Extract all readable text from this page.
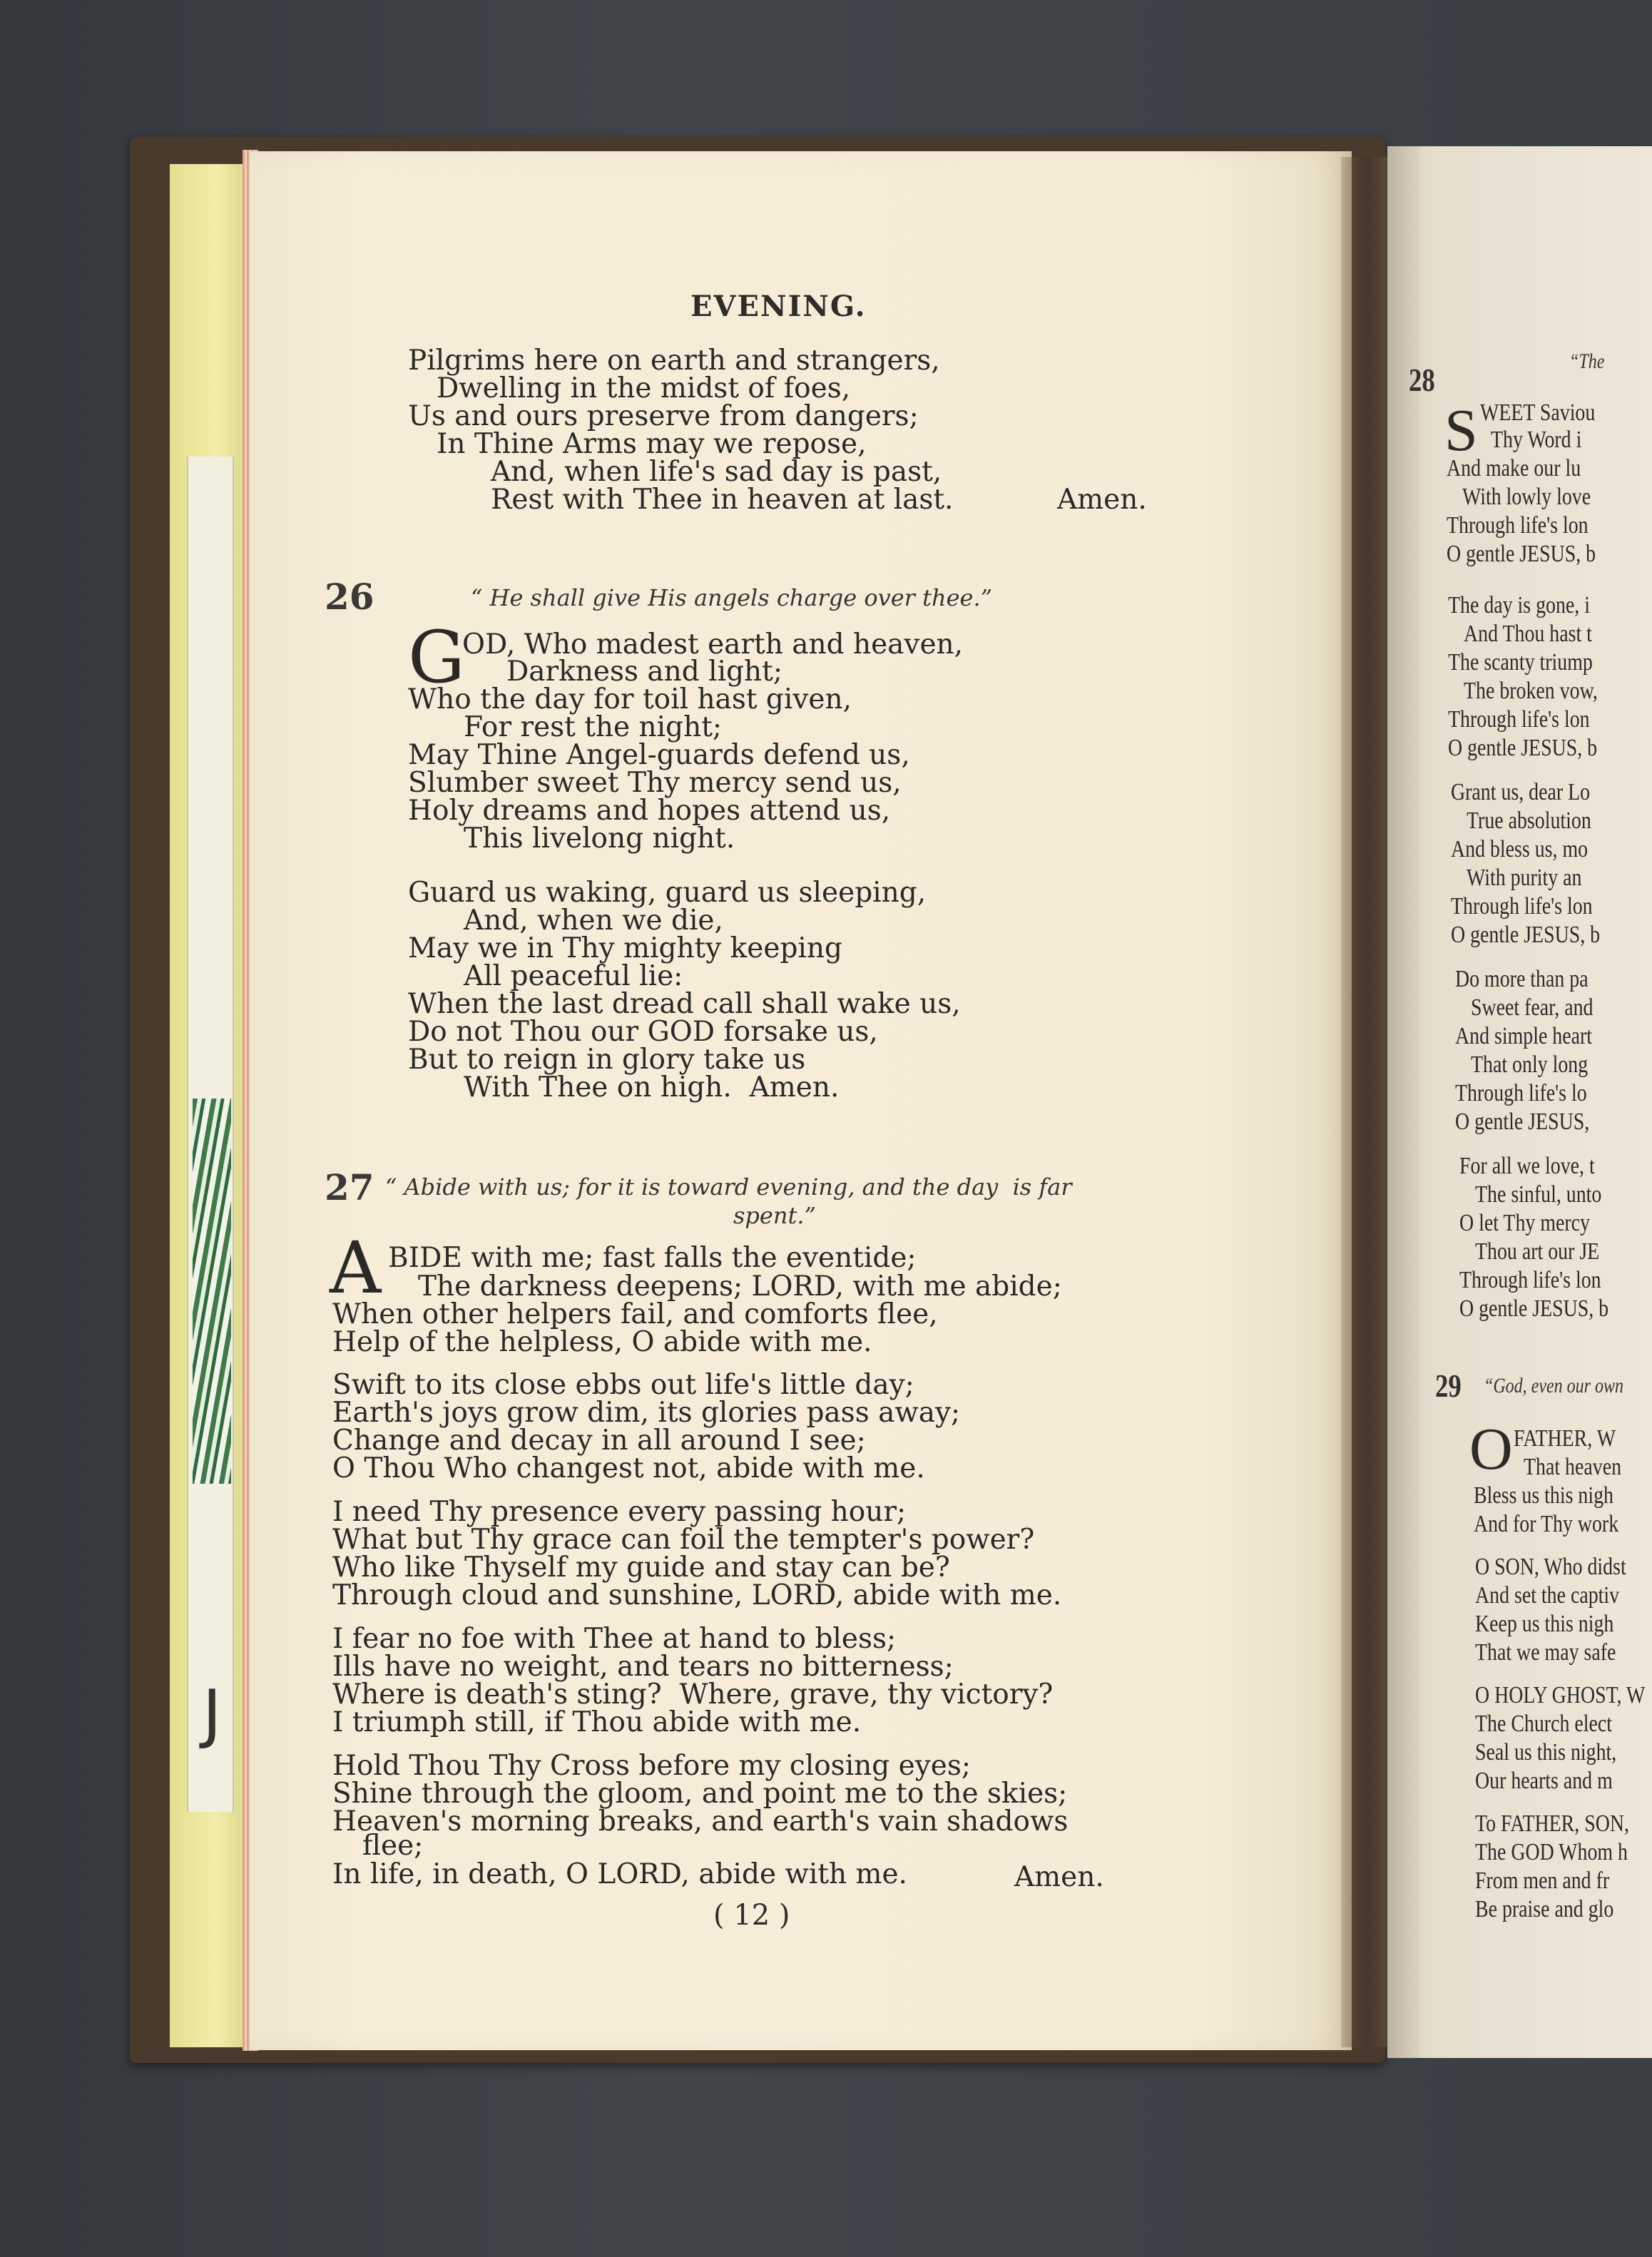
J
EVENING.
Pilgrims here on earth and strangers,
Dwelling in the midst of foes,
Us and ours preserve from dangers;
In Thine Arms may we repose,
And, when life's sad day is past,
Rest with Thee in heaven at last.	Amen.
26	“ He shall give His angels charge over thee.”
G
OD, Who madest earth and heaven,
Darkness and light;
Who the day for toil hast given,
For rest the night;
May Thine Angel-guards defend us,
Slumber sweet Thy mercy send us,
Holy dreams and hopes attend us,
This livelong night.
Guard us waking, guard us sleeping,
And, when we die,
May we in Thy mighty keeping
All peaceful lie:
When the last dread call shall wake us,
Do not Thou our GOD forsake us,
But to reign in glory take us
With Thee on high.  Amen.
27 “ Abide with us; for it is toward evening, and the day  is far
spent.”
A BIDE with me; fast falls the eventide;
The darkness deepens; LORD, with me abide;
When other helpers fail, and comforts flee,
Help of the helpless, O abide with me.
Swift to its close ebbs out life's little day;
Earth's joys grow dim, its glories pass away;
Change and decay in all around I see;
O Thou Who changest not, abide with me.
I need Thy presence every passing hour;
What but Thy grace can foil the tempter's power?
Who like Thyself my guide and stay can be?
Through cloud and sunshine, LORD, abide with me.
I fear no foe with Thee at hand to bless;
Ills have no weight, and tears no bitterness;
Where is death's sting?  Where, grave, thy victory?
I triumph still, if Thou abide with me.
Hold Thou Thy Cross before my closing eyes;
Shine through the gloom, and point me to the skies;
Heaven's morning breaks, and earth's vain shadows
flee;
In life, in death, O LORD, abide with me.	Amen.
( 12 )
28
“The
S WEET Saviou
Thy Word i
And make our lu
With lowly love
Through life's lon
O gentle JESUS, b
The day is gone, i
And Thou hast t
The scanty triump
The broken vow,
Through life's lon
O gentle JESUS, b
Grant us, dear Lo
True absolution
And bless us, mo
With purity an
Through life's lon
O gentle JESUS, b
Do more than pa
Sweet fear, and
And simple heart
That only long
Through life's lo
O gentle JESUS,
For all we love, t
The sinful, unto
O let Thy mercy
Thou art our JE
Through life's lon
O gentle JESUS, b
29 “God, even our own
O FATHER, W
That heaven
Bless us this nigh
And for Thy work
O SON, Who didst
And set the captiv
Keep us this nigh
That we may safe
O HOLY GHOST, W
The Church elect
Seal us this night,
Our hearts and m
To FATHER, SON,
The GOD Whom h
From men and fr
Be praise and glo
